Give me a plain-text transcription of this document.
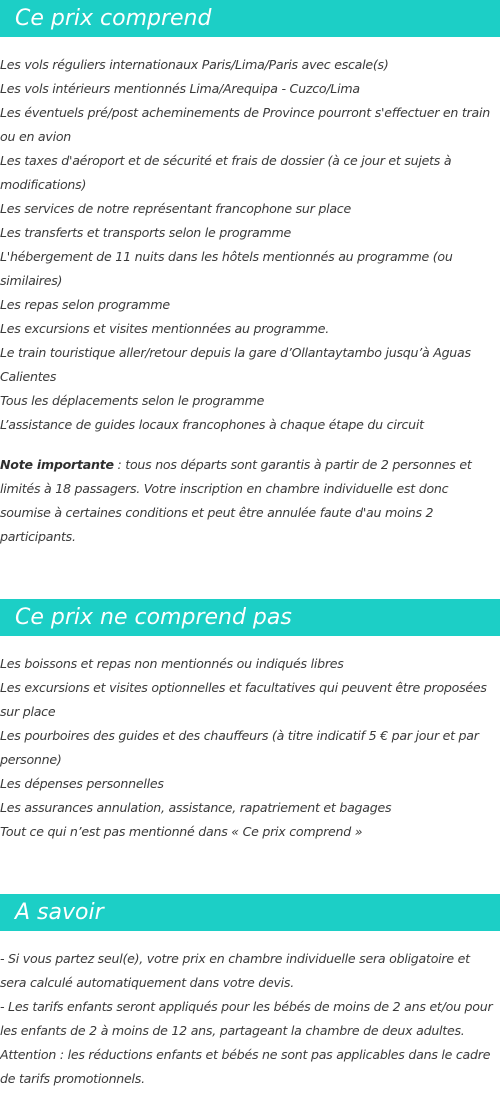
Ce prix comprend
Les vols réguliers internationaux Paris/Lima/Paris avec escale(s)
Les vols intérieurs mentionnés Lima/Arequipa - Cuzco/Lima
Les éventuels pré/post acheminements de Province pourront s'effectuer en train ou en avion
Les taxes d'aéroport et de sécurité et frais de dossier (à ce jour et sujets à modifications)
Les services de notre représentant francophone sur place
Les transferts et transports selon le programme
L'hébergement de 11 nuits dans les hôtels mentionnés au programme (ou similaires)
Les repas selon programme
Les excursions et visites mentionnées au programme.
Le train touristique aller/retour depuis la gare d’Ollantaytambo jusqu’à Aguas Calientes
Tous les déplacements selon le programme
L’assistance de guides locaux francophones à chaque étape du circuit

Note importante : tous nos départs sont garantis à partir de 2 personnes et limités à 18 passagers. Votre inscription en chambre individuelle est donc soumise à certaines conditions et peut être annulée faute d'au moins 2 participants.

Ce prix ne comprend pas
Les boissons et repas non mentionnés ou indiqués libres
Les excursions et visites optionnelles et facultatives qui peuvent être proposées sur place
Les pourboires des guides et des chauffeurs (à titre indicatif 5 € par jour et par personne)
Les dépenses personnelles
Les assurances annulation, assistance, rapatriement et bagages
Tout ce qui n’est pas mentionné dans « Ce prix comprend »
A savoir

- Si vous partez seul(e), votre prix en chambre individuelle sera obligatoire et sera calculé automatiquement dans votre devis.

- Les tarifs enfants seront appliqués pour les bébés de moins de 2 ans et/ou pour les enfants de 2 à moins de 12 ans, partageant la chambre de deux adultes.

Attention : les réductions enfants et bébés ne sont pas applicables dans le cadre de tarifs promotionnels.
